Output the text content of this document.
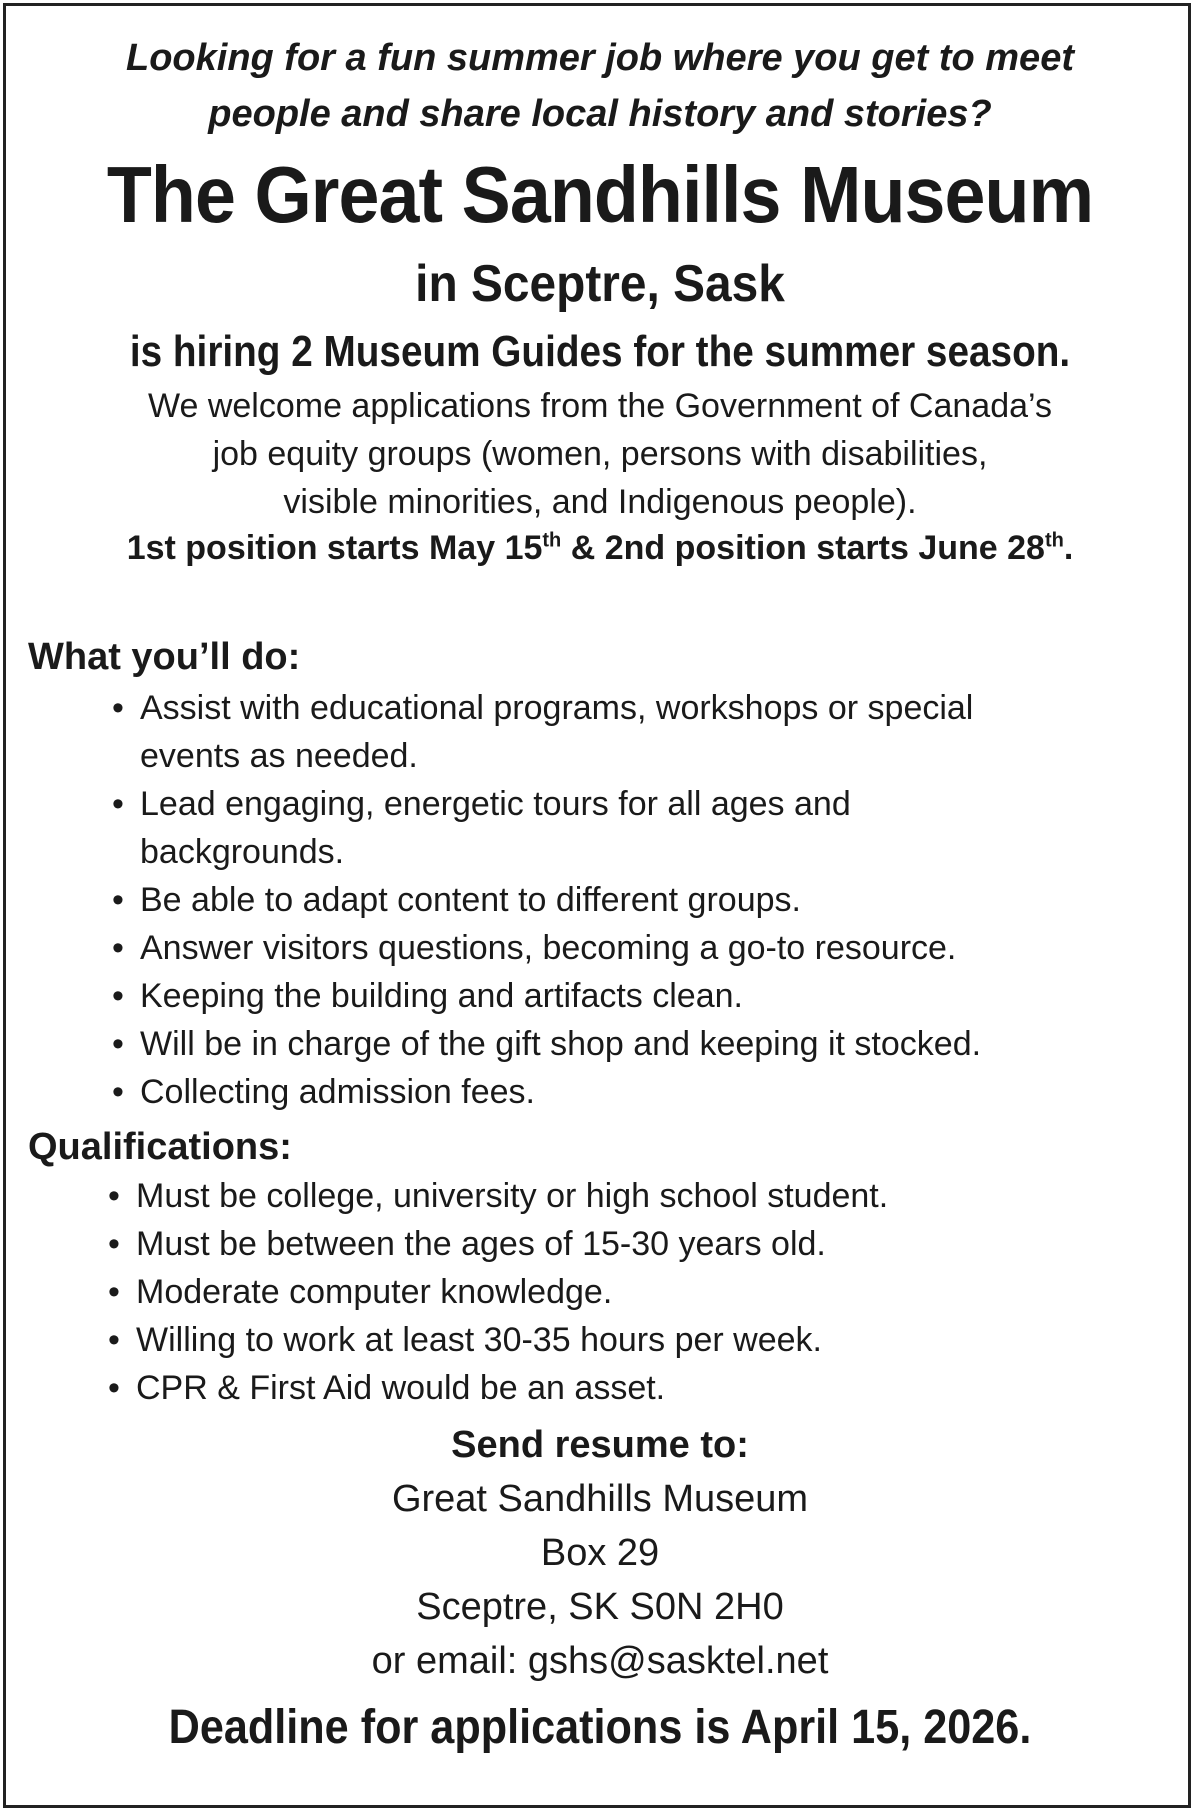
Looking for a fun summer job where you get to meet
people and share local history and stories?
The Great Sandhills Museum
in Sceptre, Sask
is hiring 2 Museum Guides for the summer season.
We welcome applications from the Government of Canada’s
job equity groups (women, persons with disabilities,
visible minorities, and Indigenous people).
1st position starts May 15th & 2nd position starts June 28th.
What you’ll do:
• Assist with educational programs, workshops or special
events as needed.
• Lead engaging, energetic tours for all ages and
backgrounds.
• Be able to adapt content to different groups.
• Answer visitors questions, becoming a go-to resource.
• Keeping the building and artifacts clean.
• Will be in charge of the gift shop and keeping it stocked.
• Collecting admission fees.
Qualifications:
• Must be college, university or high school student.
• Must be between the ages of 15-30 years old.
• Moderate computer knowledge.
• Willing to work at least 30-35 hours per week.
• CPR & First Aid would be an asset.
Send resume to:
Great Sandhills Museum
Box 29
Sceptre, SK S0N 2H0
or email: gshs@sasktel.net
Deadline for applications is April 15, 2026.
